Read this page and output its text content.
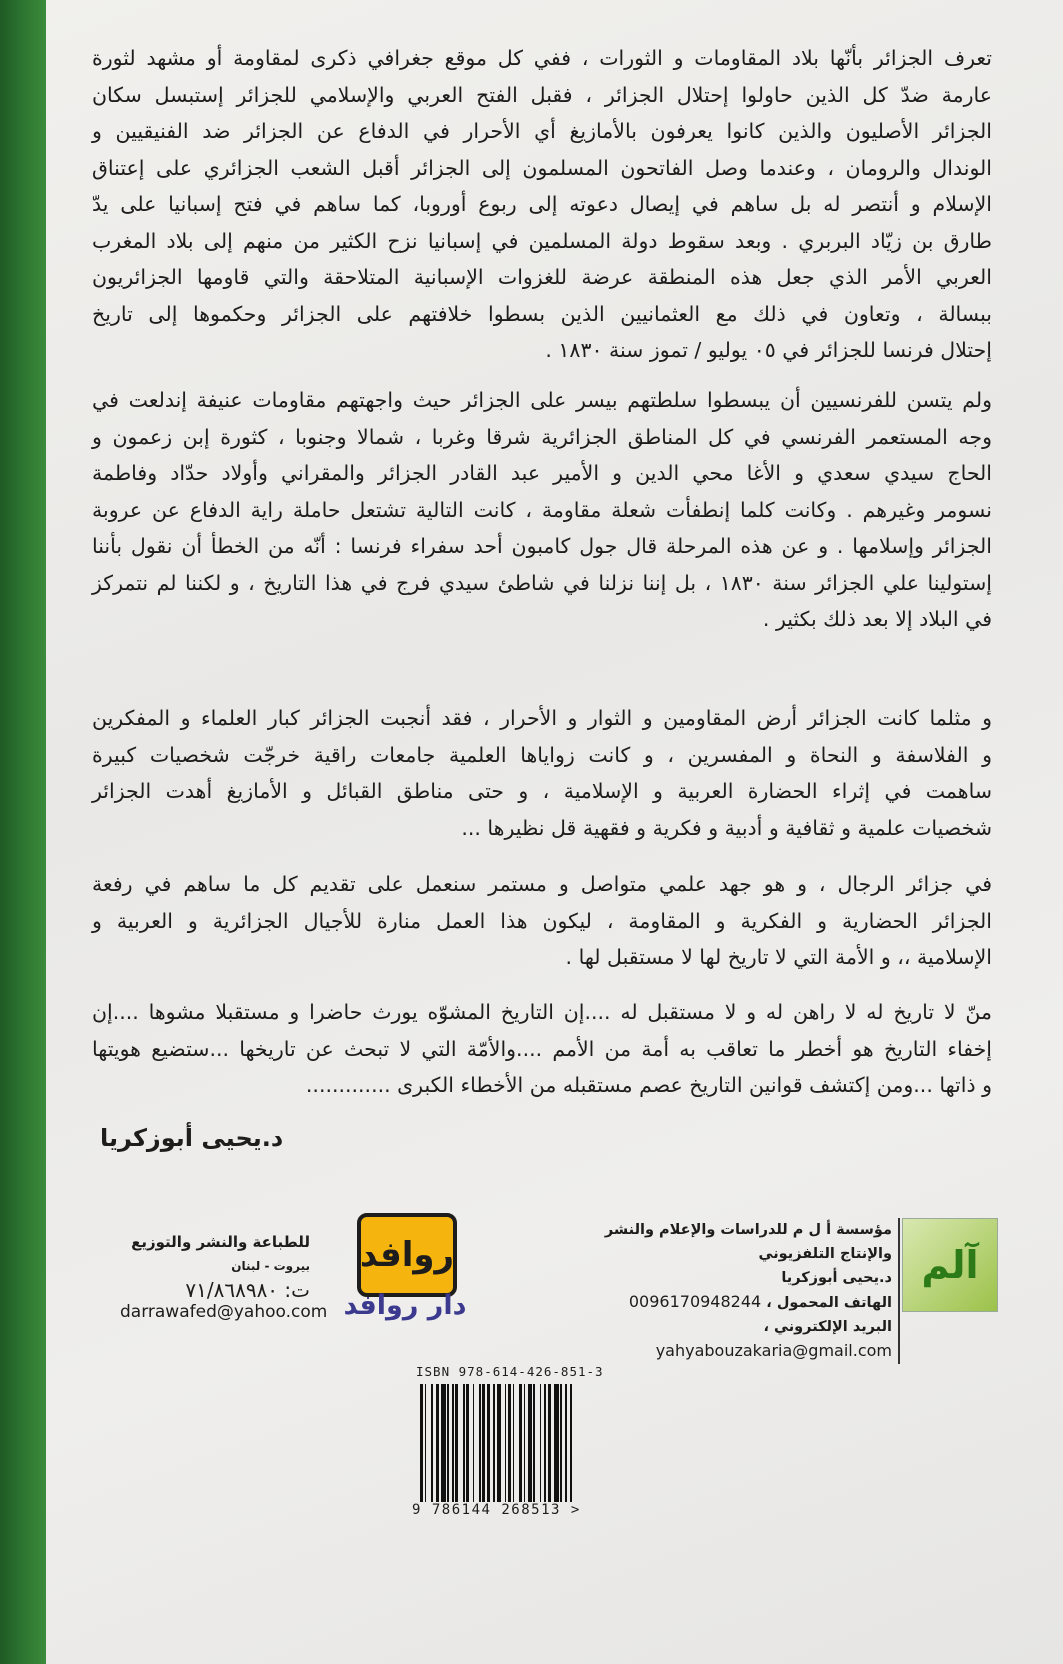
تعرف الجزائر بأنّها بلاد المقاومات و الثورات ، ففي كل موقع جغرافي ذكرى لمقاومة أو مشهد لثورة
عارمة ضدّ كل الذين حاولوا إحتلال الجزائر ، فقبل الفتح العربي والإسلامي للجزائر إستبسل سكان
الجزائر الأصليون والذين كانوا يعرفون بالأمازيغ أي الأحرار في الدفاع عن الجزائر ضد الفنيقيين و
الوندال والرومان ، وعندما وصل الفاتحون المسلمون إلى الجزائر أقبل الشعب الجزائري على إعتناق
الإسلام و أنتصر له بل ساهم في إيصال دعوته إلى ربوع أوروبا، كما ساهم في فتح إسبانيا على يدّ
طارق بن زيّاد البربري . وبعد سقوط دولة المسلمين في إسبانيا نزح الكثير من منهم إلى بلاد المغرب
العربي الأمر الذي جعل هذه المنطقة عرضة للغزوات الإسبانية المتلاحقة والتي قاومها الجزائريون
ببسالة ، وتعاون في ذلك مع العثمانيين الذين بسطوا خلافتهم على الجزائر وحكموها إلى تاريخ
إحتلال فرنسا للجزائر في ٠٥ يوليو / تموز سنة ١٨٣٠ .
ولم يتسن للفرنسيين أن يبسطوا سلطتهم بيسر على الجزائر حيث واجهتهم مقاومات عنيفة إندلعت في
وجه المستعمر الفرنسي في كل المناطق الجزائرية شرقا وغربا ، شمالا وجنوبا ، كثورة إبن زعمون و
الحاج سيدي سعدي و الأغا محي الدين و الأمير عبد القادر الجزائر والمقراني وأولاد حدّاد وفاطمة
نسومر وغيرهم . وكانت كلما إنطفأت شعلة مقاومة ، كانت التالية تشتعل حاملة راية الدفاع عن عروبة
الجزائر وإسلامها . و عن هذه المرحلة قال جول كامبون أحد سفراء فرنسا : أنّه من الخطأ أن نقول بأننا
إستولينا علي الجزائر سنة ١٨٣٠ ، بل إننا نزلنا في شاطئ سيدي فرج في هذا التاريخ ، و لكننا لم نتمركز
في البلاد إلا بعد ذلك بكثير .
و مثلما كانت الجزائر أرض المقاومين و الثوار و الأحرار ، فقد أنجبت الجزائر كبار العلماء و المفكرين
و الفلاسفة و النحاة و المفسرين ، و كانت زواياها العلمية جامعات راقية خرجّت شخصيات كبيرة
ساهمت في إثراء الحضارة العربية و الإسلامية ، و حتى مناطق القبائل و الأمازيغ أهدت الجزائر
شخصيات علمية و ثقافية و أدبية و فكرية و فقهية قل نظيرها ...
في جزائر الرجال ، و هو جهد علمي متواصل و مستمر سنعمل على تقديم كل ما ساهم في رفعة
الجزائر الحضارية و الفكرية و المقاومة ، ليكون هذا العمل منارة للأجيال الجزائرية و العربية و
الإسلامية ،، و الأمة التي لا تاريخ لها لا مستقبل لها .
منّ لا تاريخ له لا راهن له و لا مستقبل له ....إن التاريخ المشوّه يورث حاضرا و مستقبلا مشوها ....إن
إخفاء التاريخ هو أخطر ما تعاقب به أمة من الأمم ....والأمّة التي لا تبحث عن تاريخها ...ستضيع هويتها
و ذاتها ...ومن إكتشف قوانين التاريخ عصم مستقبله من الأخطاء الكبرى .............
د.يحيى أبوزكريا
آلم
مؤسسة أ ل م للدراسات والإعلام والنشر والإنتاج التلفزيوني
د.يحيى أبوزكريا
الهاتف المحمول ، 0096170948244
البريد الإلكتروني ، yahyabouzakaria@gmail.com
روافد
دار روافد
للطباعة والنشر والتوزيع
بيروت - لبنان
ت: ٧١/٨٦٨٩٨٠
darrawafed@yahoo.com
ISBN 978-614-426-851-3
9 786144 268513 >
